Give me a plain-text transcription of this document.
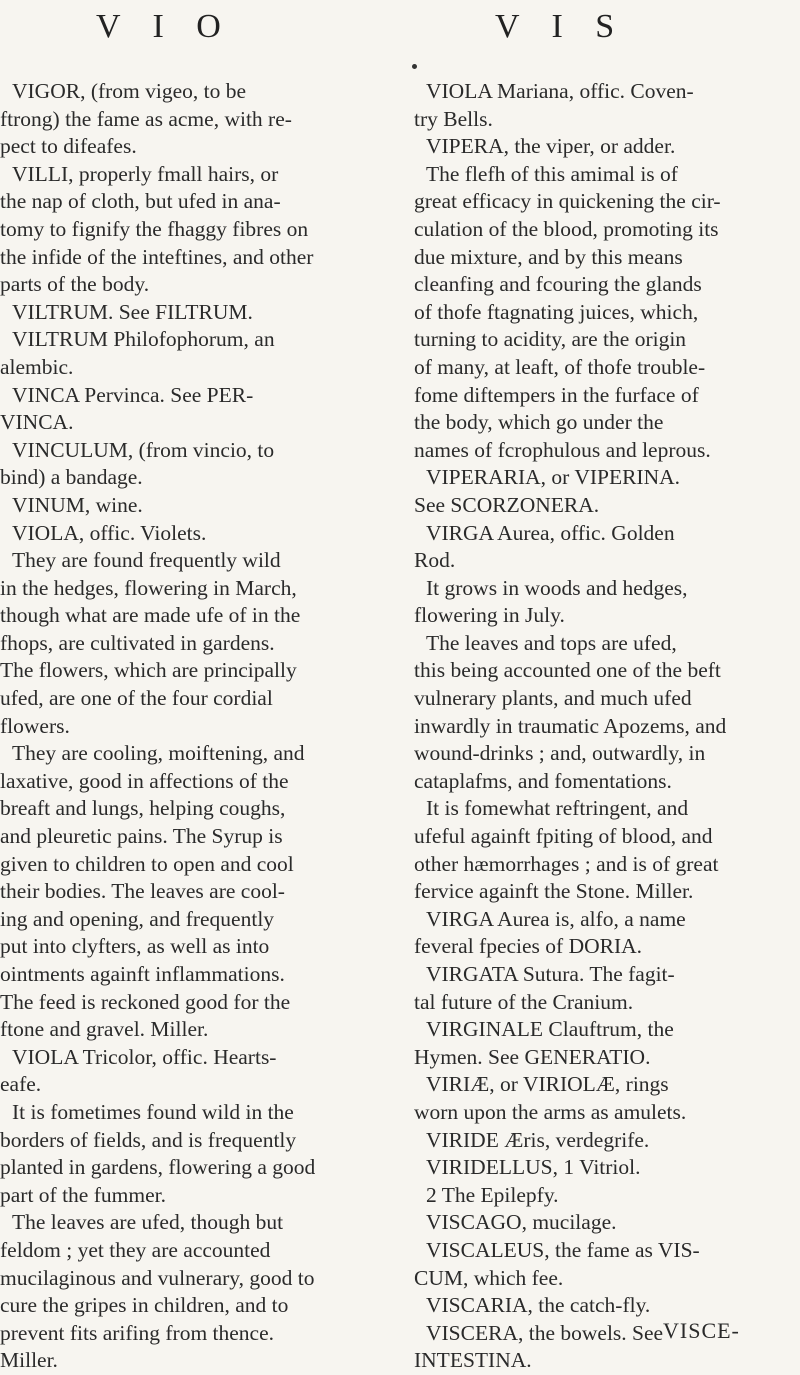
V I O	V I S
VIGOR, (from vigeo, to be
ftrong) the fame as acme, with re-
pect to difeafes.
VILLI, properly fmall hairs, or
the nap of cloth, but ufed in ana-
tomy to fignify the fhaggy fibres on
the infide of the inteftines, and other
parts of the body.
VILTRUM. See FILTRUM.
VILTRUM Philofophorum, an
alembic.
VINCA Pervinca. See PER-
VINCA.
VINCULUM, (from vincio, to
bind) a bandage.
VINUM, wine.
VIOLA, offic. Violets.
They are found frequently wild
in the hedges, flowering in March,
though what are made ufe of in the
fhops, are cultivated in gardens.
The flowers, which are principally
ufed, are one of the four cordial
flowers.
They are cooling, moiftening, and
laxative, good in affections of the
breaft and lungs, helping coughs,
and pleuretic pains. The Syrup is
given to children to open and cool
their bodies. The leaves are cool-
ing and opening, and frequently
put into clyfters, as well as into
ointments againft inflammations.
The feed is reckoned good for the
ftone and gravel. Miller.
VIOLA Tricolor, offic. Hearts-
eafe.
It is fometimes found wild in the
borders of fields, and is frequently
planted in gardens, flowering a good
part of the fummer.
The leaves are ufed, though but
feldom ; yet they are accounted
mucilaginous and vulnerary, good to
cure the gripes in children, and to
prevent fits arifing from thence.
Miller.
VIOLA Mariana, offic. Coven-
try Bells.
VIPERA, the viper, or adder.
The flefh of this amimal is of
great efficacy in quickening the cir-
culation of the blood, promoting its
due mixture, and by this means
cleanfing and fcouring the glands
of thofe ftagnating juices, which,
turning to acidity, are the origin
of many, at leaft, of thofe trouble-
fome diftempers in the furface of
the body, which go under the
names of fcrophulous and leprous.
VIPERARIA, or VIPERINA.
See SCORZONERA.
VIRGA Aurea, offic. Golden
Rod.
It grows in woods and hedges,
flowering in July.
The leaves and tops are ufed,
this being accounted one of the beft
vulnerary plants, and much ufed
inwardly in traumatic Apozems, and
wound-drinks ; and, outwardly, in
cataplafms, and fomentations.
It is fomewhat reftringent, and
ufeful againft fpiting of blood, and
other hæmorrhages ; and is of great
fervice againft the Stone. Miller.
VIRGA Aurea is, alfo, a name
feveral fpecies of DORIA.
VIRGATA Sutura. The fagit-
tal future of the Cranium.
VIRGINALE Clauftrum, the
Hymen. See GENERATIO.
VIRIÆ, or VIRIOLÆ, rings
worn upon the arms as amulets.
VIRIDE Æris, verdegrife.
VIRIDELLUS, 1 Vitriol.
2 The Epilepfy.
VISCAGO, mucilage.
VISCALEUS, the fame as VIS-
CUM, which fee.
VISCARIA, the catch-fly.
VISCERA, the bowels. See
INTESTINA.
VISCE-
